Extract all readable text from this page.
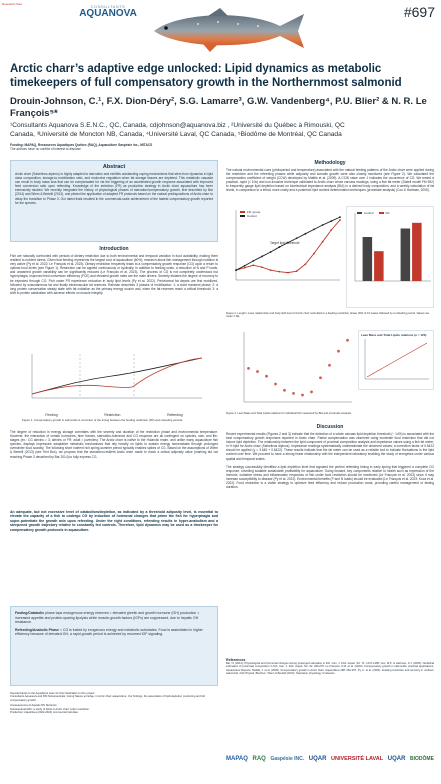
Research Note	CONSULTANTS
AQUANOVA	#697
Arctic charr’s adaptive edge unlocked: Lipid dynamics as metabolic
timekeepers of full compensatory growth in the Northernmost salmonid
Drouin-Johnson, C.¹, F.X. Dion-Déry², S.G. Lamarre³, G.W. Vandenberg⁴, P.U. Blier² & N. R. Le François⁵*
¹Consultants Aquanova S.E.N.C., QC, Canada, cdjohnson@aquanova.biz , ²Université du Québec à Rimouski, QC
Canada, ³Université de Moncton NB, Canada, ⁴Université Laval, QC Canada, ⁵Biodôme de Montréal, QC Canada
Funding: MAPAQ, Ressources Aquatiques Québec (RAQ), Aquaculture Gaspésie inc., MITACS
The authors have no conflict of interest to disclose
Abstract
Arctic charr (Salvelinus alpinus) is highly adapted to starvation and exhibits outstanding coping mechanisms that stem from dynamics in lipid class composition, storage-to-mobilization ratio, and endocrine regulation when fat storage tissues are depleted. This metabolic cascade can result in body mass loss that can be compensated for via the triggering of an accelerated growth response associated with improved feed conversion ratio upon refeeding. Knowledge of the selection (FR) as production strategy in Arctic charr aquaculture has been extensively studied. We recently integrated the history of physiological phases of starvation/compensatory growth, first described by Bar (2014) and Wiem & Bertelli (2013), and piloted the application of adapted FR protocols based on the natural predispositions of Arctic charr to delay the transition to Phase 3. Our latest trials resulted in the commercial-scale achievement of the fastest compensatory growth reported for the species.
Introduction
Fish are naturally confronted with periods of dietary restriction due to both environmental and temporal variation in food availability, making them resilient to nutrient stress. Given that feeding represents the largest cost of aquaculture (60%), research about fish management through nutrition is very active (Py et al. 2022; Le François et al. 2023). Dietary restriction frequently leads to a compensatory growth response (CG) upon a return to optimal food levels (see Figure 1). Restriction can be applied continuously or cyclically. In addition to feeding costs, a reduction of N and P loads, and unwanted growth variability can be significantly reduced (Le François et al. 2023). The process of CG is not completely understood but hyperphagia, improved feed conversion efficiency (FCE) and elevated growth rates are the main drivers. Severity dictates the degree of recovery to be expected through CG. Fish under FR experience reduction in body lipid levels (Py et al. 2022). Perivisceral fat depots are first mobilized, followed by subcutaneous fat and finally intramuscular fat reserves. Rahman describes 3 phases of mobilization: 1: a short transient phase; 2: a long protein conservation steady state with fat oxidation as the primary energy source and, when the fat reserves reach a critical threshold; 3: a shift to protein catabolism with adverse effects on muscle integrity.
Feeding	Restriction	Refeeding
Figure 1. Compensatory growth in salmonids is a function of the timing between the feeding restriction (FR) and refeeding periods.
The degree of reduction in energy storage correlates with the severity and duration of the restriction phase and environmental temperature. However, the interaction of certain hormones, time frames, starvation-tolerance and CG response are all contingent on species, size, and life-stages (ex.: CG alevins = 3; alevins or FR: adult = juveniles). The Arctic charr is native to the Holarctic realm, and unlike many aquaculture fish species, displays impressive adaptative metabolic mechanisms that rely heavily on lipids to sustain energy homeostasis through prolonged overwinter food scarcity. The following short nutrient rich spring-summer period typically enables spikes of CG. Based on the assumptions of Wiem & Bertelli (2013) (see Text Box), we propose that the starvation-resilient Arctic charr made to reach a critical adiposity value (marking but not reaching Phase 3 described by Bar 2014) to fully express CG.
An adequate, but not excessive level of catabolism/depletion, as indicated by a threshold adiposity level, is essential to elevate the capacity of a fish to undergo CG by induction of hormonal changes that prime the fish for hyperphagia and super-potentiate the growth axis upon refeeding. Under the right conditions, refeeding results in hyper-anabolism and a steepened growth trajectory relative to constantly fed controls. Therefore, lipid dynamics may be used as a timekeeper for compensatory growth protocols in aquaculture.
Fasting/Catabolic phase taps endogenous energy reserves = elevated ghrelin and growth hormone (GH) production = increased appetite and protein-sparing lipolysis while muscle-growth factors (IGFs) are suppressed, due to hepatic GH resistance.
Refeeding/Anabolic Phase = CG is fueled by exogenous energy and metabolic substrates. Food is assimilated in higher efficiency because of elevated GH, a rapid growth period is achieved by resumed IGF signaling.
Special thanks to the AquaNova team for their dedication to this project.
Consultants Aquanova and RSI Nutraceuticals: Giving Nature an Edge, in Arctic charr aquaculture. Our findings, the association of lipid-depletion monitoring and full compensatory growth.
Consequences of Aquatic RS Nutrients:
Nutraceutical ARC: a study of lipids in Arctic charr under restriction.
Production: AquaNova (2022-2024) commercial trial data.
Methodology
The natural environmental cues (photoperiod and temperature) associated with the natural feeding patterns of the Arctic charr were applied during the restriction and the refeeding phases while adiposity and somatic growth were also closely monitored (see Figure 2). We calculated the compensation coefficient of weight (CCW) developed by Mattila et al. (2009). A CCW value over 1 indicates the occurrence of CG. We tested a practical, rapid (< 10s) and non-invasive technique calibrated to Arctic charr whole carcass readings, using a fish fat meter (Distell model FM 692) to frequently gauge lipid depletion based on bioelectrical impedance analysis (BIA) in a derived body composition, and a weekly calculation of fat levels, in comparison to a lethal, more costly and a posteriori lipid content determination techniques (proximate analysis) (Cox & Hartman, 2005).
Target lipid threshold
FR: group
Control
Control	FR
Figure 2. Length / mass relationship and body lipid level of Arctic charr submitted to a feeding restriction phase (FR) of 16 weeks followed by a refeeding period. Values are mean ± SE.
Lean Mass and Total Lipids relations (n = 120)
Figure 4. Lean Mass and Total Lipids relations for individual fish measured by BIA and proximate analysis.
Discussion
Recent experimental results (Figures 2 and 3) indicate that the detection of a whole carcass lipid depletion threshold (~ 14%) is associated with the best compensatory growth responses reported in Arctic charr. Partial compensation was observed using moderate food restriction that did not induce lipid depletion. The relationship between the lipid component of proximal composition analysis and impedance values using a fish fat meter, in % lipid for Arctic charr (Salvelinus alpinus). Impedance readings systematically underestimate the observed values; a correction factor of 0.6422 should be applied (y = 3.645 + 0.6422). These results indicate that the fat meter can be used as a reliable tool to indicate fluctuations in the lipid content over time. We proceed to have a strong linear relationship with the independent laboratory enabling the study of energetics under various spatial and temporal scales.
The strategy successfully identified a lipid depletion level that signaled the perfect refeeding timing in early spring that triggered a complete CG response, unveiling scalable sustainable profitability for aquaculture. Going forward, key components relative to health such as expression of the immune, oxidative stress and inflammation responses of fish under food restriction should be monitored (Le François et al. 2023) since it may increase susceptibility to disease (Py et al. 2022). Environmental benefits (P and N loads) should be evaluated (Le François et al. 2023; Koca et al. 2022). Food restriction is a viable strategy to optimize feed efficiency and reduce production costs, providing careful management of fasting duration.
References
Bar, N. (2014). Physiological and hormonal changes during prolonged starvation in fish. Can. J. Fish. Aquat. Sci. 71: 1447-1458. Cox, M.K. & Hartman, K.J. (2005). Nonlethal estimation of proximate composition in fish. Can. J. Fish. Aquat. Sci. 62: 269-275. Le François, N.R. et al. (2023). Compensatory growth in salmonids: practical applications. Aquaculture Reports. Mattila, J. et al. (2009). Compensatory growth in Arctic charr. Aquaculture 288: 252-257. Py, C. et al. (2022). Feeding restriction and recovery in northern salmonids. Fish Physiol. Biochem. Wiem & Bertelli (2013). Starvation physiology of teleosts.
MAPAQ RAQ Gaspésie INC. UQAR UNIVERSITÉ LAVAL UQAR BIODÔME
